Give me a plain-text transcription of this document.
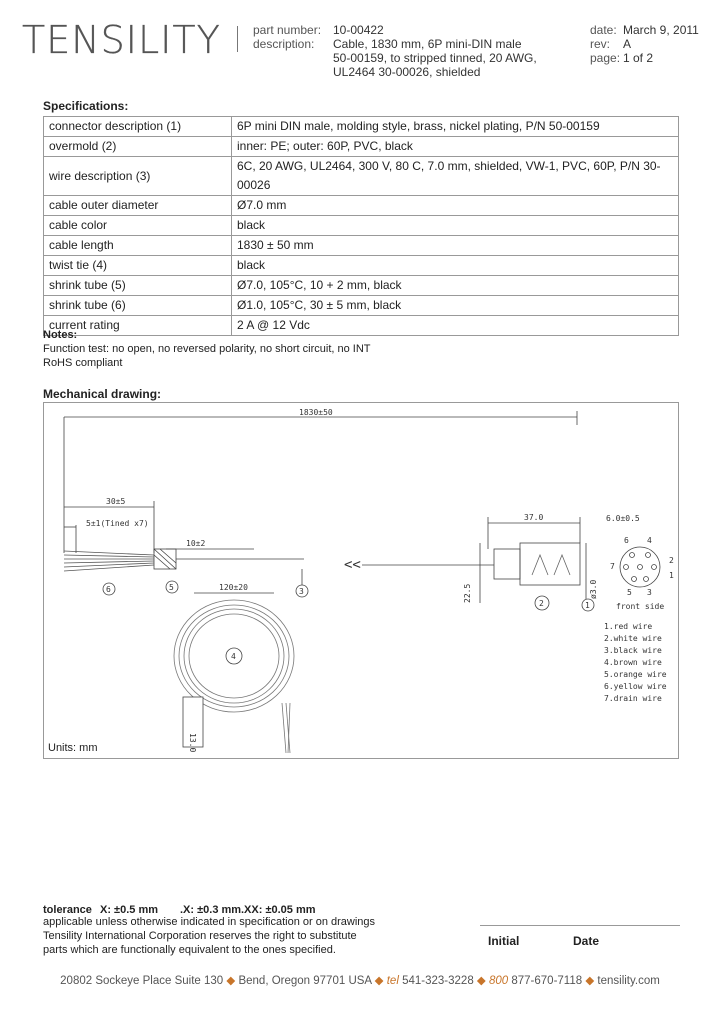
TENSILITY	part number: 10-00422
description: Cable, 1830 mm, 6P mini-DIN male
50-00159, to stripped tinned, 20 AWG,
UL2464 30-00026, shielded
date: March 9, 2011
rev: A
page: 1 of 2
Specifications:
connector description (1)	6P mini DIN male, molding style, brass, nickel plating, P/N 50-00159
overmold (2)	inner: PE; outer: 60P, PVC, black
wire description (3)	6C, 20 AWG, UL2464, 300 V, 80 C, 7.0 mm, shielded, VW-1, PVC, 60P, P/N 30-00026
cable outer diameter	Ø7.0 mm
cable color	black
cable length	1830 ± 50 mm
twist tie (4)	black
shrink tube (5)	Ø7.0, 105°C, 10 + 2 mm, black
shrink tube (6)	Ø1.0, 105°C, 30 ± 5 mm, black
current rating	2 A @ 12 Vdc
Notes:
Function test: no open, no reversed polarity, no short circuit, no INT
RoHS compliant
Mechanical drawing:
1830±50
30±5
5±1(Tined x7)
10±2
6	5	3
120±20
4
13.0
<<
37.0
22.5
2
ø3.0
1
6.0±0.5
6 4
2
1
3
5
7
front side
1.red wire
2.white wire
3.black wire
4.brown wire
5.orange wire
6.yellow wire
7.drain wire
Units: mm
tolerance X: ±0.5 mm .X: ±0.3 mm .XX: ±0.05 mm
applicable unless otherwise indicated in specification or on drawings
Tensility International Corporation reserves the right to substitute
parts which are functionally equivalent to the ones specified.
Initial	Date
20802 Sockeye Place Suite 130 ◆ Bend, Oregon 97701 USA ◆ tel 541-323-3228 ◆ 800 877-670-7118 ◆ tensility.com
